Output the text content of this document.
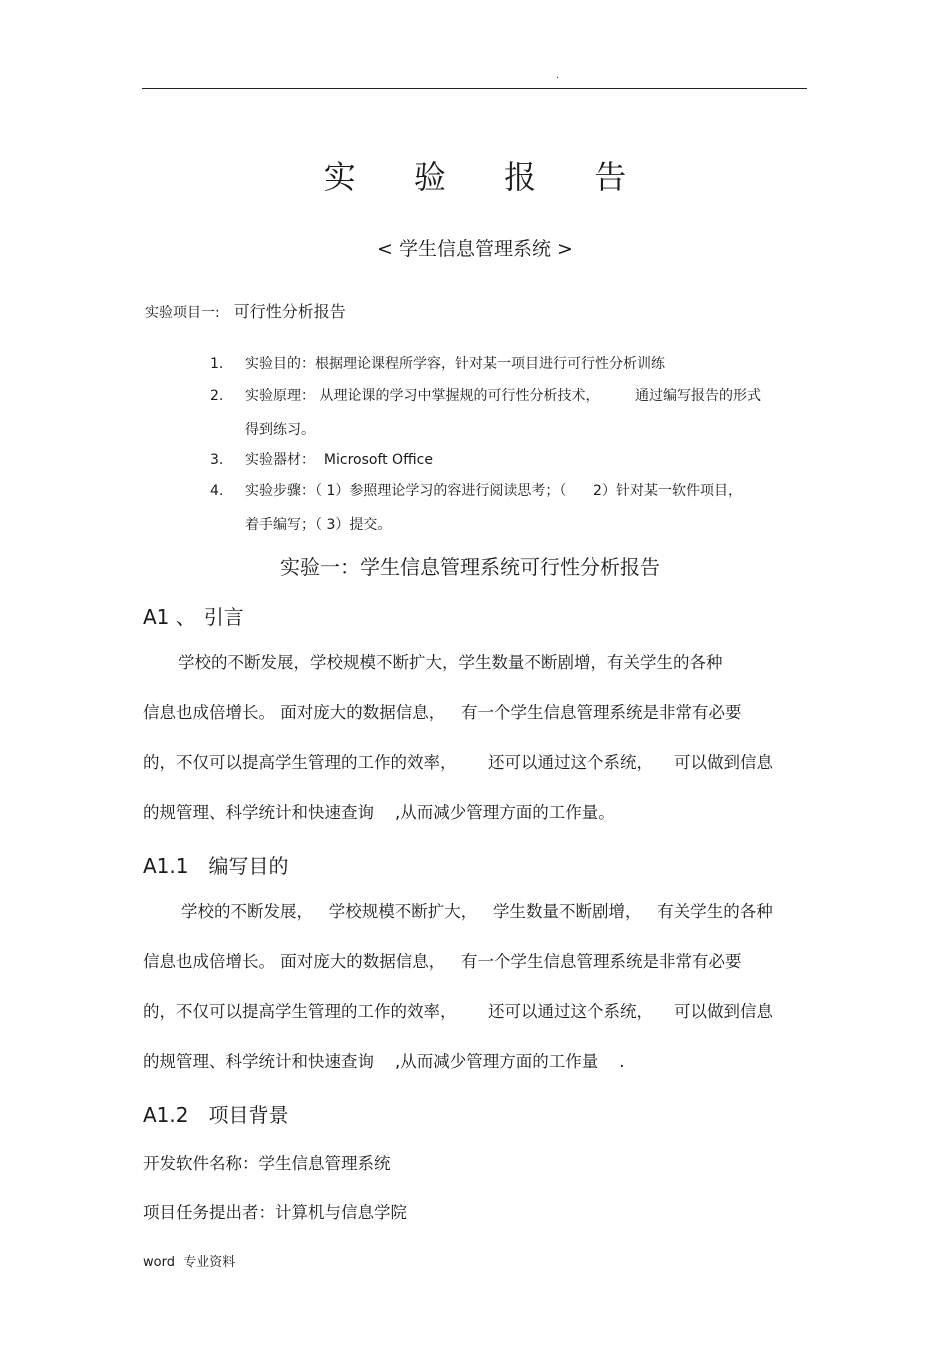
.
实 验 报 告
< 学生信息管理系统 >
实验项目一: 可行性分析报告
1. 实验目的：根据理论课程所学容，针对某一项目进行可行性分析训练
2. 实验原理： 从理论课的学习中掌握规的可行性分析技术，        通过编写报告的形式
得到练习。
3. 实验器材：  Microsoft Office
4. 实验步骤：（ 1）参照理论学习的容进行阅读思考；（      2）针对某一软件项目，
着手编写；（ 3）提交。
实验一：学生信息管理系统可行性分析报告
A1 、 引言
学校的不断发展，学校规模不断扩大，学生数量不断剧增，有关学生的各种
信息也成倍增长。 面对庞大的数据信息，   有一个学生信息管理系统是非常有必要
的，不仅可以提高学生管理的工作的效率，      还可以通过这个系统，    可以做到信息
的规管理、科学统计和快速查询    ,从而减少管理方面的工作量。
A1.1 编写目的
学校的不断发展，   学校规模不断扩大，   学生数量不断剧增，   有关学生的各种
信息也成倍增长。 面对庞大的数据信息，   有一个学生信息管理系统是非常有必要
的，不仅可以提高学生管理的工作的效率，      还可以通过这个系统，    可以做到信息
的规管理、科学统计和快速查询    ,从而减少管理方面的工作量    .
A1.2 项目背景
开发软件名称：学生信息管理系统
项目任务提出者：计算机与信息学院
word  专业资料
